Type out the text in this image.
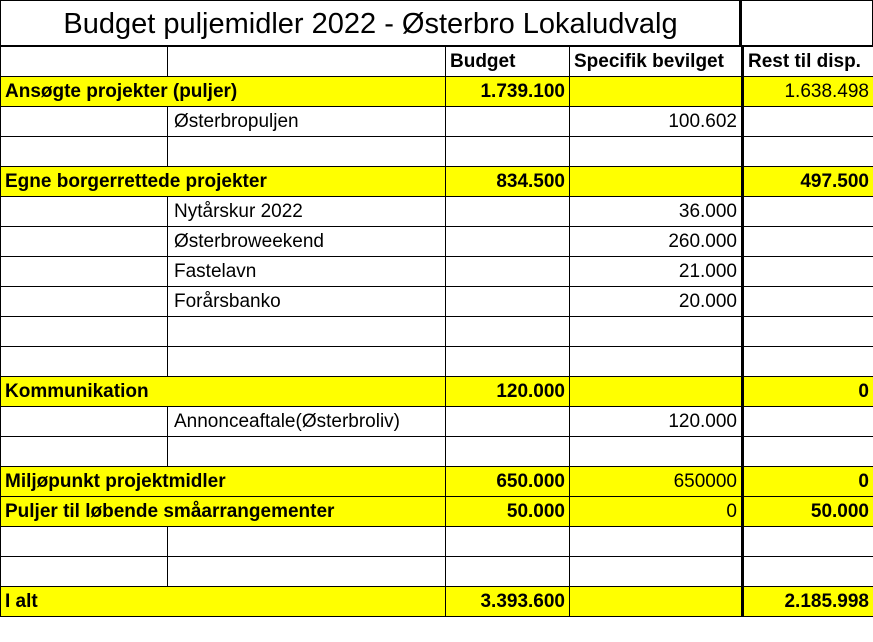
Budget puljemidler 2022 - Østerbro Lokaludvalg
		Budget	Specifik bevilget	Rest til disp.
Ansøgte projekter (puljer)		1.739.100		1.638.498
	Østerbropuljen		100.602	

Egne borgerrettede projekter		834.500		497.500
	Nytårskur 2022		36.000	
	Østerbroweekend		260.000	
	Fastelavn		21.000	
	Forårsbanko		20.000	

Kommunikation		120.000		0
	Annonceaftale(Østerbroliv)		120.000	

Miljøpunkt projektmidler		650.000	650000	0
Puljer til løbende småarrangementer		50.000	0	50.000

I alt		3.393.600		2.185.998
